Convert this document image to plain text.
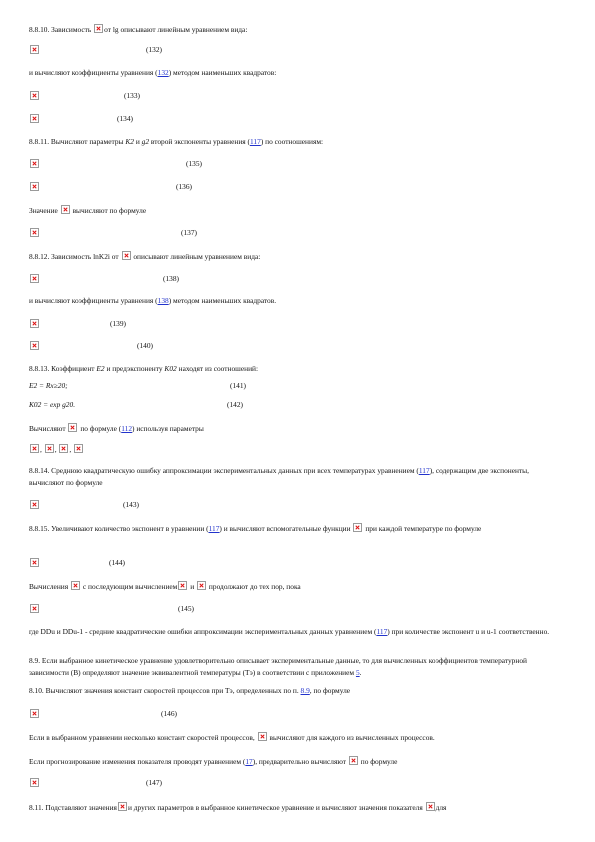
8.8.10. Зависимость от lg описывают линейным уравнением вида:
(132)
и вычисляют коэффициенты уравнения (132) методом наименьших квадратов:
(133)
(134)
8.8.11. Вычисляют параметры K2 и g2 второй экспоненты уравнения (117) по соотношениям:
(135)
(136)
Значение вычисляют по формуле
(137)
8.8.12. Зависимость lnK2i от описывают линейным уравнением вида:
(138)
и вычисляют коэффициенты уравнения (138) методом наименьших квадратов.
(139)
(140)
8.8.13. Коэффициент E2 и предэкспоненту K02 находят из соотношений:
E2 = Rх≥20;	(141)
K02 = exp g20.	(142)
Вычисляют по формуле (112) используя параметры
, , ,
8.8.14. Среднюю квадратическую ошибку аппроксимации экспериментальных данных при всех температурах уравнением (117), содержащим две экспоненты, вычисляют по формуле
(143)
8.8.15. Увеличивают количество экспонент в уравнении (117) и вычисляют вспомогательные функции при каждой температуре по формуле
(144)
Вычисления с последующим вычислением и продолжают до тех пор, пока
(145)
где DDu и DDu-1 - средние квадратические ошибки аппроксимации экспериментальных данных уравнением (117) при количестве экспонент u и u-1 соответственно.
8.9. Если выбранное кинетическое уравнение удовлетворительно описывает экспериментальные данные, то для вычисленных коэффициентов температурной зависимости (В) определяют значение эквивалентной температуры (Tэ) в соответствии с приложением 5.
8.10. Вычисляют значения констант скоростей процессов при Tэ, определенных по п. 8.9, по формуле
(146)
Если в выбранном уравнении несколько констант скоростей процессов, вычисляют для каждого из вычисленных процессов.
Если прогнозирование изменения показателя проводят уравнением (17), предварительно вычисляют по формуле
(147)
8.11. Подставляют значения и других параметров в выбранное кинетическое уравнение и вычисляют значения показателя для
